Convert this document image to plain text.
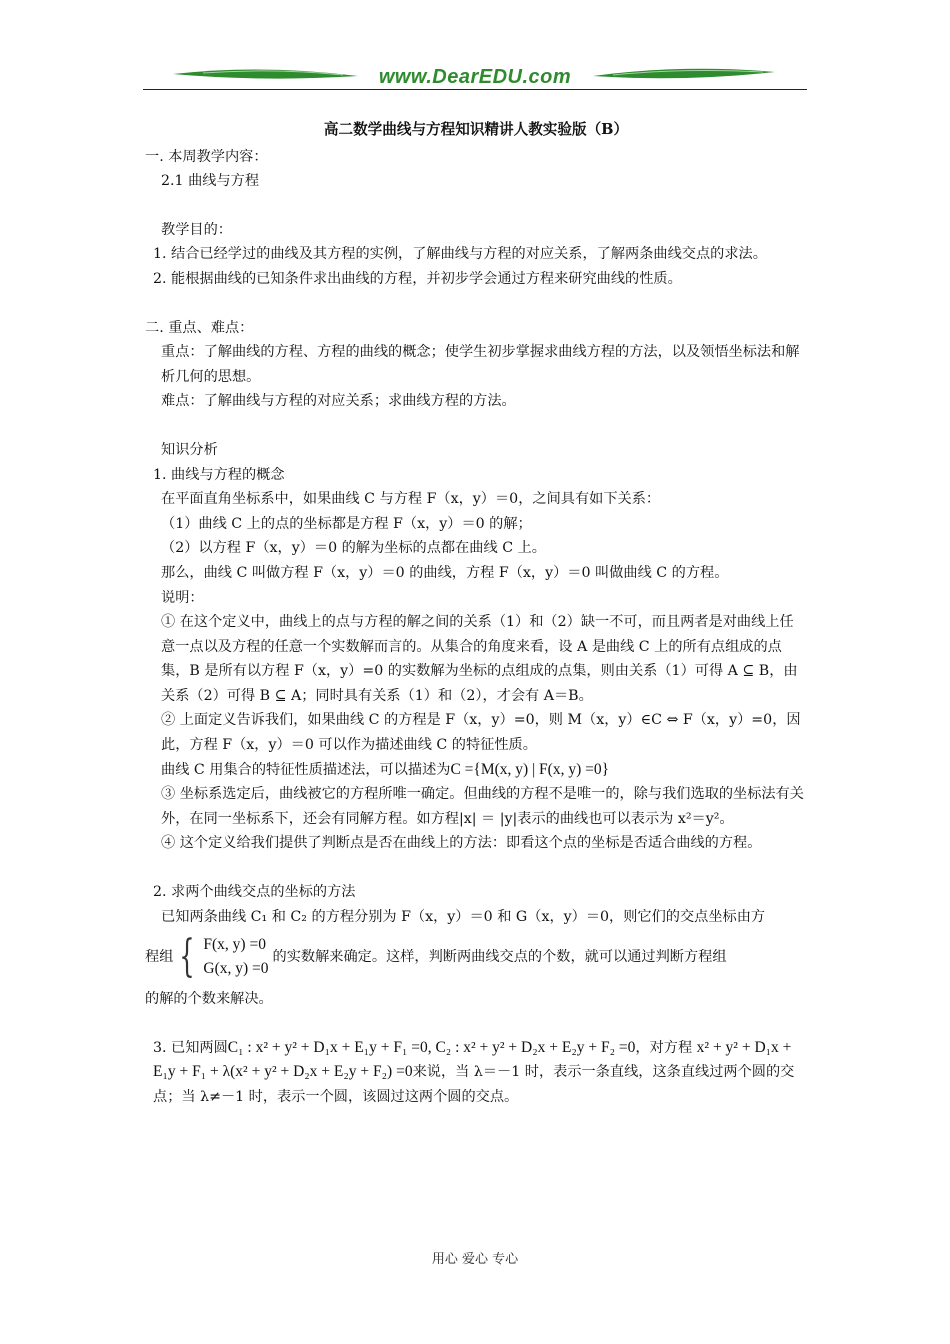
www.DearEDU.com

高二数学曲线与方程知识精讲人教实验版（B）

一. 本周教学内容：

2.1 曲线与方程

教学目的：

1. 结合已经学过的曲线及其方程的实例，了解曲线与方程的对应关系，了解两条曲线交点的求法。

2. 能根据曲线的已知条件求出曲线的方程，并初步学会通过方程来研究曲线的性质。

二. 重点、难点：

重点：了解曲线的方程、方程的曲线的概念；使学生初步掌握求曲线方程的方法，以及领悟坐标法和解析几何的思想。

难点：了解曲线与方程的对应关系；求曲线方程的方法。

知识分析

1. 曲线与方程的概念

在平面直角坐标系中，如果曲线 C 与方程 F（x，y）＝0，之间具有如下关系：

（1）曲线 C 上的点的坐标都是方程 F（x，y）＝0 的解；

（2）以方程 F（x，y）＝0 的解为坐标的点都在曲线 C 上。

那么，曲线 C 叫做方程 F（x，y）＝0 的曲线，方程 F（x，y）＝0 叫做曲线 C 的方程。

说明：

① 在这个定义中，曲线上的点与方程的解之间的关系（1）和（2）缺一不可，而且两者是对曲线上任意一点以及方程的任意一个实数解而言的。从集合的角度来看，设 A 是曲线 C 上的所有点组成的点集，B 是所有以方程 F（x，y）=0 的实数解为坐标的点组成的点集，则由关系（1）可得 A ⊆ B，由关系（2）可得 B ⊆ A；同时具有关系（1）和（2），才会有 A＝B。

② 上面定义告诉我们，如果曲线 C 的方程是 F（x，y）=0，则 M（x，y）∈C ⇔ F（x，y）=0，因此，方程 F（x，y）＝0 可以作为描述曲线 C 的特征性质。

曲线 C 用集合的特征性质描述法，可以描述为C ={M(x, y) | F(x, y) =0}

③ 坐标系选定后，曲线被它的方程所唯一确定。但曲线的方程不是唯一的，除与我们选取的坐标法有关外，在同一坐标系下，还会有同解方程。如方程|x| ＝ |y|表示的曲线也可以表示为 x²＝y²。

④ 这个定义给我们提供了判断点是否在曲线上的方法：即看这个点的坐标是否适合曲线的方程。

2. 求两个曲线交点的坐标的方法

已知两条曲线 C₁ 和 C₂ 的方程分别为 F（x，y）＝0 和 G（x，y）＝0，则它们的交点坐标由方

程组 { F(x, y) =0
G(x, y) =0
的实数解来确定。这样，判断两曲线交点的个数，就可以通过判断方程组

的解的个数来解决。

3. 已知两圆C₁ : x² + y² + D₁x + E₁y + F₁ =0, C₂ : x² + y² + D₂x + E₂y + F₂ =0，对方程 x² + y² + D₁x + E₁y + F₁ + λ(x² + y² + D₂x + E₂y + F₂) =0来说，当 λ＝－1 时，表示一条直线，这条直线过两个圆的交点；当 λ≠－1 时，表示一个圆，该圆过这两个圆的交点。

用心 爱心 专心
